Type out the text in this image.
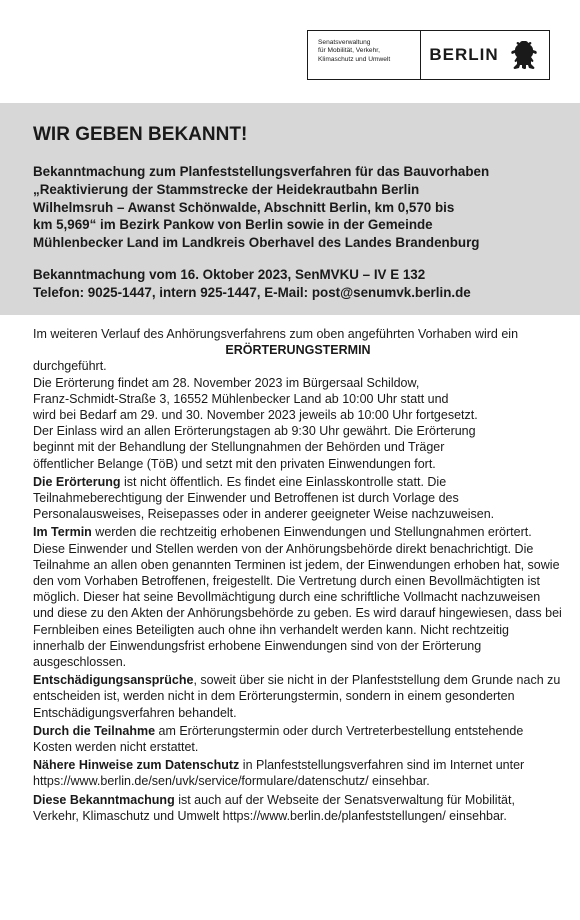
Senatsverwaltung
für Mobilität, Verkehr,
Klimaschutz und Umwelt	BERLIN
WIR GEBEN BEKANNT!
Bekanntmachung zum Planfeststellungsverfahren für das Bauvorhaben
„Reaktivierung der Stammstrecke der Heidekrautbahn Berlin
Wilhelmsruh – Awanst Schönwalde, Abschnitt Berlin, km 0,570 bis
km 5,969“ im Bezirk Pankow von Berlin sowie in der Gemeinde
Mühlenbecker Land im Landkreis Oberhavel des Landes Brandenburg
Bekanntmachung vom 16. Oktober 2023, SenMVKU – IV E 132
Telefon: 9025-1447, intern 925-1447, E-Mail: post@senumvk.berlin.de

Im weiteren Verlauf des Anhörungsverfahrens zum oben angeführten Vorhaben wird ein

ERÖRTERUNGSTERMIN

durchgeführt.

Die Erörterung findet am 28. November 2023 im Bürgersaal Schildow,
Franz-Schmidt-Straße 3, 16552 Mühlenbecker Land ab 10:00 Uhr statt und
wird bei Bedarf am 29. und 30. November 2023 jeweils ab 10:00 Uhr fortgesetzt.
Der Einlass wird an allen Erörterungstagen ab 9:30 Uhr gewährt. Die Erörterung
beginnt mit der Behandlung der Stellungnahmen der Behörden und Träger
öffentlicher Belange (TöB) und setzt mit den privaten Einwendungen fort.

Die Erörterung ist nicht öffentlich. Es findet eine Einlasskontrolle statt. Die Teilnahmeberechtigung der Einwender und Betroffenen ist durch Vorlage des Personalausweises, Reisepasses oder in anderer geeigneter Weise nachzuweisen.

Im Termin werden die rechtzeitig erhobenen Einwendungen und Stellungnahmen erörtert. Diese Einwender und Stellen werden von der Anhörungsbehörde direkt benachrichtigt. Die Teilnahme an allen oben genannten Terminen ist jedem, der Einwendungen erhoben hat, sowie den vom Vorhaben Betroffenen, freigestellt. Die Vertretung durch einen Bevollmächtigten ist möglich. Dieser hat seine Bevollmächtigung durch eine schriftliche Vollmacht nachzuweisen und diese zu den Akten der Anhörungsbehörde zu geben. Es wird darauf hingewiesen, dass bei Fernbleiben eines Beteiligten auch ohne ihn verhandelt werden kann. Nicht rechtzeitig innerhalb der Einwendungsfrist erhobene Einwendungen sind von der Erörterung ausgeschlossen.

Entschädigungsansprüche, soweit über sie nicht in der Planfeststellung dem Grunde nach zu entscheiden ist, werden nicht in dem Erörterungstermin, sondern in einem gesonderten Entschädigungsverfahren behandelt.

Durch die Teilnahme am Erörterungstermin oder durch Vertreterbestellung entstehende Kosten werden nicht erstattet.

Nähere Hinweise zum Datenschutz in Planfeststellungsverfahren sind im Internet unter https://www.berlin.de/sen/uvk/service/formulare/datenschutz/ einsehbar.

Diese Bekanntmachung ist auch auf der Webseite der Senatsverwaltung für Mobilität, Verkehr, Klimaschutz und Umwelt https://www.berlin.de/planfeststellungen/ einsehbar.
